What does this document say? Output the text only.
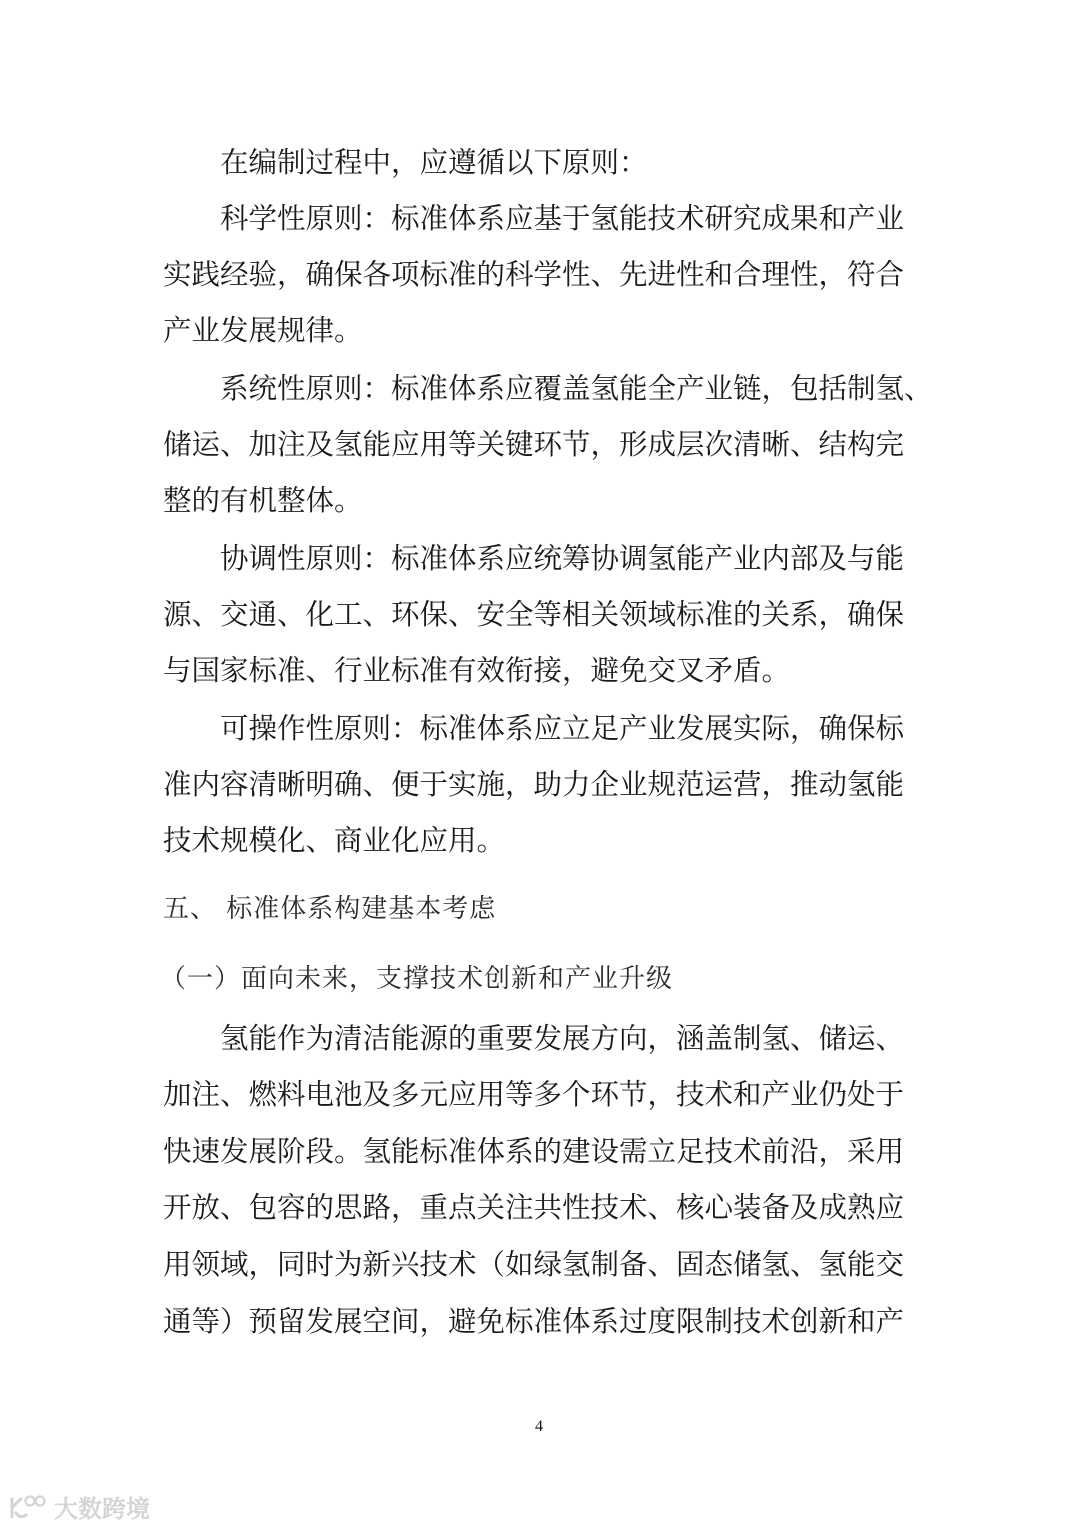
在编制过程中，应遵循以下原则：
科学性原则：标准体系应基于氢能技术研究成果和产业
实践经验，确保各项标准的科学性、先进性和合理性，符合
产业发展规律。
系统性原则：标准体系应覆盖氢能全产业链，包括制氢、
储运、加注及氢能应用等关键环节，形成层次清晰、结构完
整的有机整体。
协调性原则：标准体系应统筹协调氢能产业内部及与能
源、交通、化工、环保、安全等相关领域标准的关系，确保
与国家标准、行业标准有效衔接，避免交叉矛盾。
可操作性原则：标准体系应立足产业发展实际，确保标
准内容清晰明确、便于实施，助力企业规范运营，推动氢能
技术规模化、商业化应用。
五、 标准体系构建基本考虑
（一）面向未来，支撑技术创新和产业升级
氢能作为清洁能源的重要发展方向，涵盖制氢、储运、
加注、燃料电池及多元应用等多个环节，技术和产业仍处于
快速发展阶段。氢能标准体系的建设需立足技术前沿，采用
开放、包容的思路，重点关注共性技术、核心装备及成熟应
用领域，同时为新兴技术（如绿氢制备、固态储氢、氢能交
通等）预留发展空间，避免标准体系过度限制技术创新和产
4
大数跨境
